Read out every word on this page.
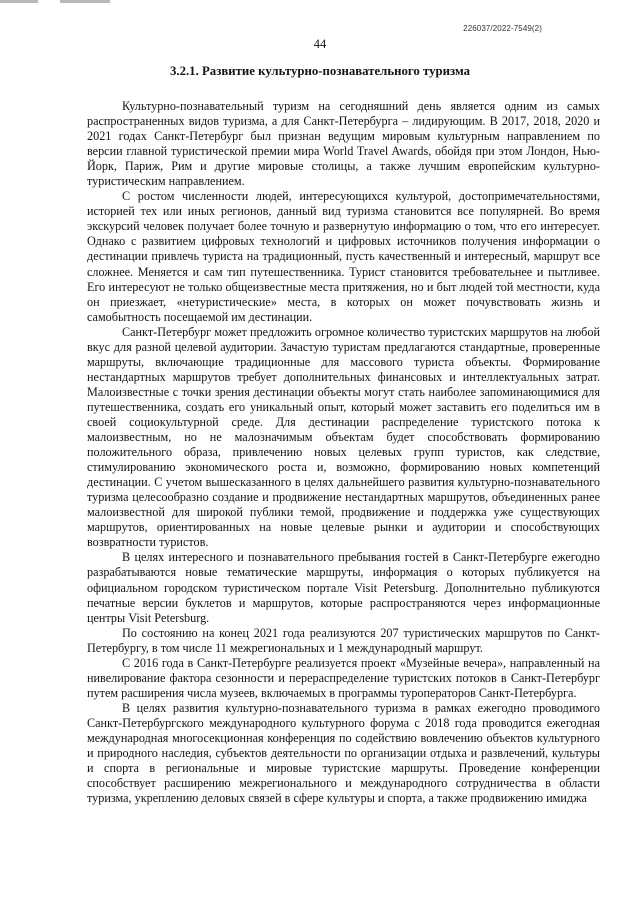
226037/2022-7549(2)
44
3.2.1. Развитие культурно-познавательного туризма

Культурно-познавательный туризм на сегодняшний день является одним из самых распространенных видов туризма, а для Санкт-Петербурга – лидирующим. В 2017, 2018, 2020 и 2021 годах Санкт-Петербург был признан ведущим мировым культурным направлением по версии главной туристической премии мира World Travel Awards, обойдя при этом Лондон, Нью-Йорк, Париж, Рим и другие мировые столицы, а также лучшим европейским культурно-туристическим направлением.

С ростом численности людей, интересующихся культурой, достопримечательностями, историей тех или иных регионов, данный вид туризма становится все популярней. Во время экскурсий человек получает более точную и развернутую информацию о том, что его интересует. Однако с развитием цифровых технологий и цифровых источников получения информации о дестинации привлечь туриста на традиционный, пусть качественный и интересный, маршрут все сложнее. Меняется и сам тип путешественника. Турист становится требовательнее и пытливее. Его интересуют не только общеизвестные места притяжения, но и быт людей той местности, куда он приезжает, «нетуристические» места, в которых он может почувствовать жизнь и самобытность посещаемой им дестинации.

Санкт-Петербург может предложить огромное количество туристских маршрутов на любой вкус для разной целевой аудитории. Зачастую туристам предлагаются стандартные, проверенные маршруты, включающие традиционные для массового туриста объекты. Формирование нестандартных маршрутов требует дополнительных финансовых и интеллектуальных затрат. Малоизвестные с точки зрения дестинации объекты могут стать наиболее запоминающимися для путешественника, создать его уникальный опыт, который может заставить его поделиться им в своей социокультурной среде. Для дестинации распределение туристского потока к малоизвестным, но не малозначимым объектам будет способствовать формированию положительного образа, привлечению новых целевых групп туристов, как следствие, стимулированию экономического роста и, возможно, формированию новых компетенций дестинации. С учетом вышесказанного в целях дальнейшего развития культурно-познавательного туризма целесообразно создание и продвижение нестандартных маршрутов, объединенных ранее малоизвестной для широкой публики темой, продвижение и поддержка уже существующих маршрутов, ориентированных на новые целевые рынки и аудитории и способствующих возвратности туристов.

В целях интересного и познавательного пребывания гостей в Санкт-Петербурге ежегодно разрабатываются новые тематические маршруты, информация о которых публикуется на официальном городском туристическом портале Visit Petersburg. Дополнительно публикуются печатные версии буклетов и маршрутов, которые распространяются через информационные центры Visit Petersburg.

По состоянию на конец 2021 года реализуются 207 туристических маршрутов по Санкт-Петербургу, в том числе 11 межрегиональных и 1 международный маршрут.

С 2016 года в Санкт-Петербурге реализуется проект «Музейные вечера», направленный на нивелирование фактора сезонности и перераспределение туристских потоков в Санкт-Петербург путем расширения числа музеев, включаемых в программы туроператоров Санкт-Петербурга.

В целях развития культурно-познавательного туризма в рамках ежегодно проводимого Санкт-Петербургского международного культурного форума с 2018 года проводится ежегодная международная многосекционная конференция по содействию вовлечению объектов культурного и природного наследия, субъектов деятельности по организации отдыха и развлечений, культуры и спорта в региональные и мировые туристские маршруты. Проведение конференции способствует расширению межрегионального и международного сотрудничества в области туризма, укреплению деловых связей в сфере культуры и спорта, а также продвижению имиджа
